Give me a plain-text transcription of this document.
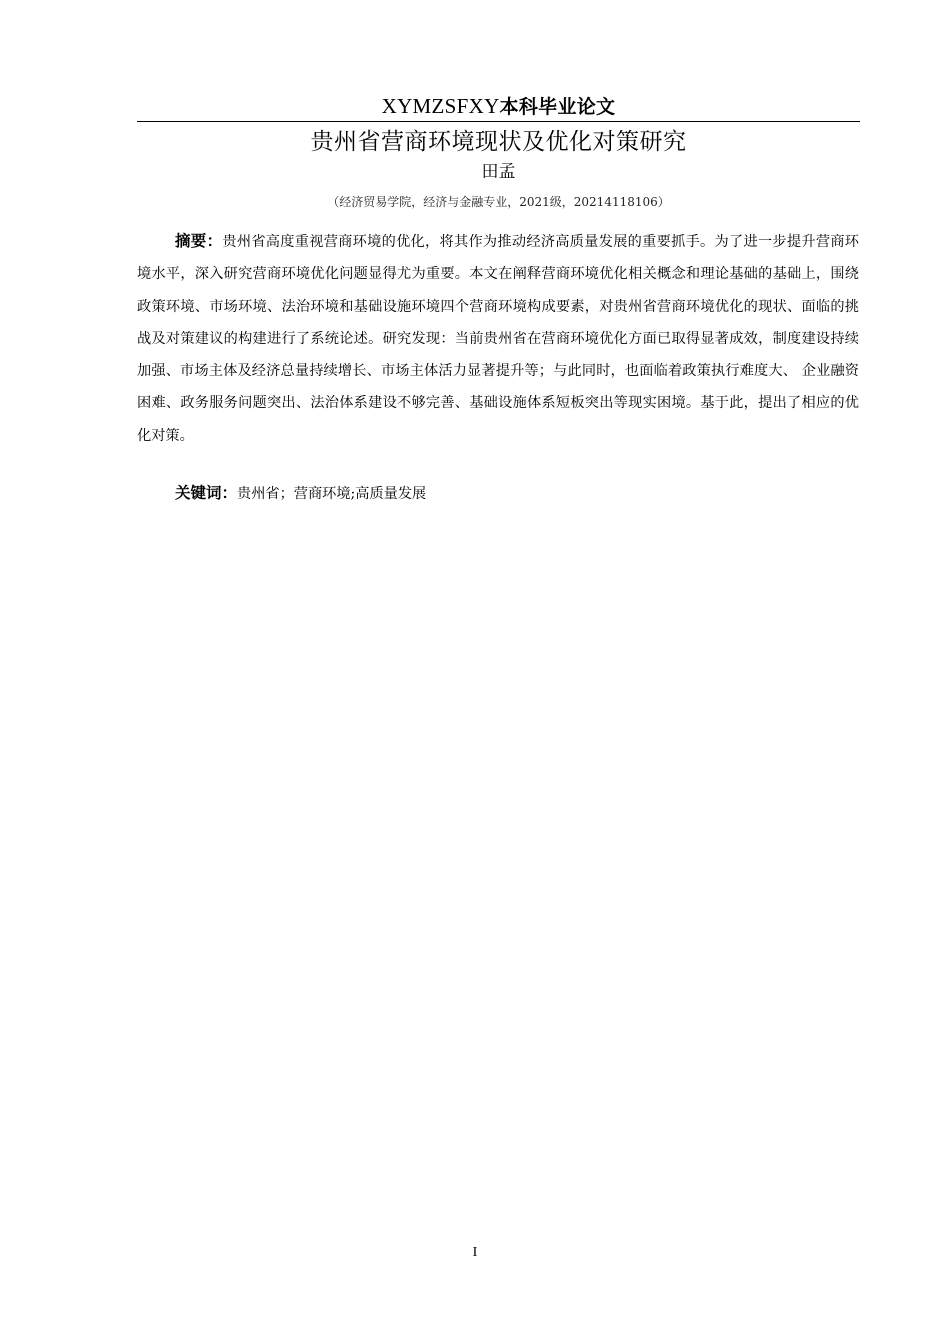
XYMZSFXY本科毕业论文
贵州省营商环境现状及优化对策研究
田孟
（经济贸易学院，经济与金融专业，2021级，20214118106）

摘要：贵州省高度重视营商环境的优化，将其作为推动经济高质量发展的重要抓手。为了进一步提升营商环境水平，深入研究营商环境优化问题显得尤为重要。本文在阐释营商环境优化相关概念和理论基础的基础上，围绕政策环境、市场环境、法治环境和基础设施环境四个营商环境构成要素，对贵州省营商环境优化的现状、面临的挑战及对策建议的构建进行了系统论述。研究发现：当前贵州省在营商环境优化方面已取得显著成效，制度建设持续加强、市场主体及经济总量持续增长、市场主体活力显著提升等；与此同时，也面临着政策执行难度大、 企业融资困难、政务服务问题突出、法治体系建设不够完善、基础设施体系短板突出等现实困境。基于此，提出了相应的优化对策。

关键词：贵州省；营商环境;高质量发展

I
